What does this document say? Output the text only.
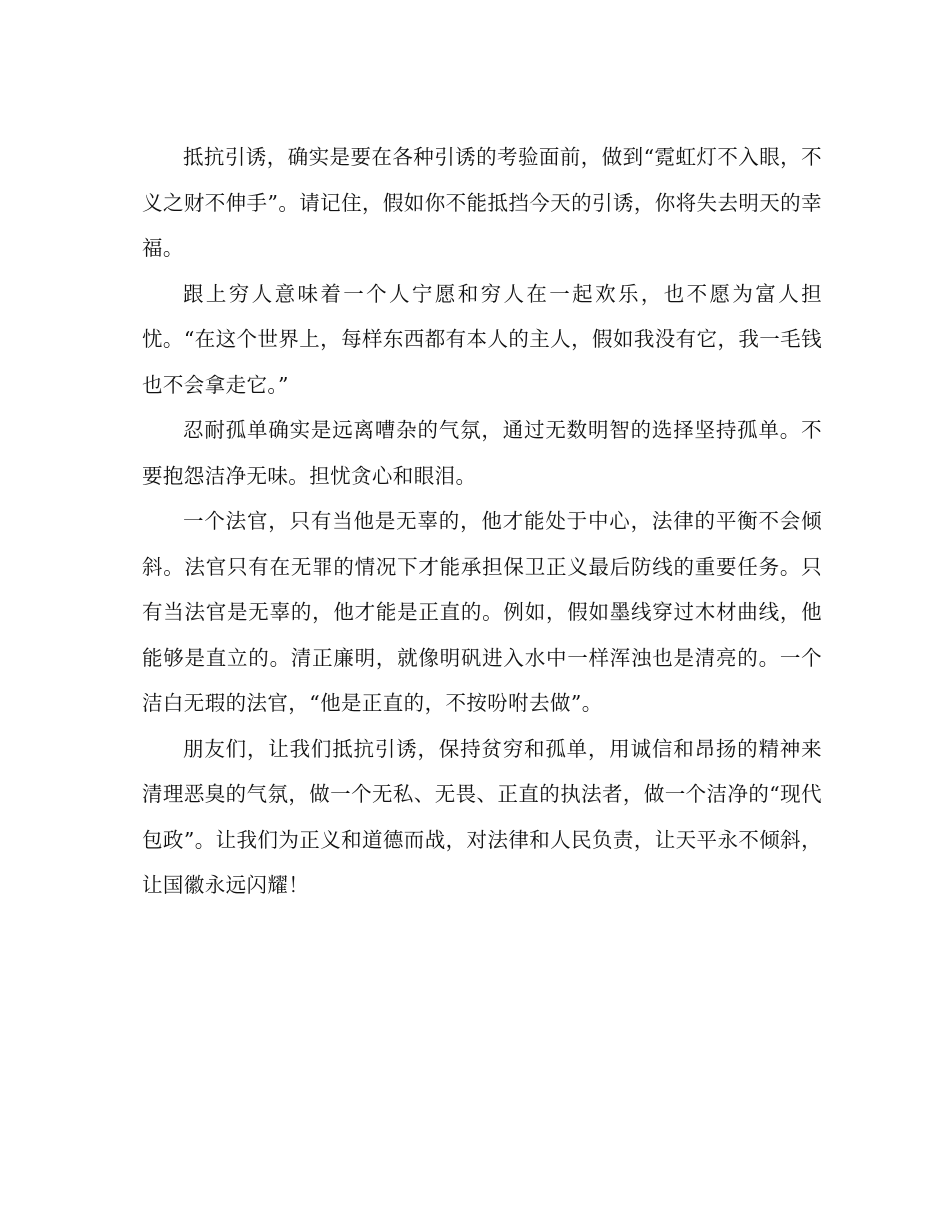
抵抗引诱，确实是要在各种引诱的考验面前，做到“霓虹灯不入眼，不义之财不伸手”。请记住，假如你不能抵挡今天的引诱，你将失去明天的幸福。

跟上穷人意味着一个人宁愿和穷人在一起欢乐，也不愿为富人担忧。“在这个世界上，每样东西都有本人的主人，假如我没有它，我一毛钱也不会拿走它。”

忍耐孤单确实是远离嘈杂的气氛，通过无数明智的选择坚持孤单。不要抱怨洁净无味。担忧贪心和眼泪。

一个法官，只有当他是无辜的，他才能处于中心，法律的平衡不会倾斜。法官只有在无罪的情况下才能承担保卫正义最后防线的重要任务。只有当法官是无辜的，他才能是正直的。例如，假如墨线穿过木材曲线，他能够是直立的。清正廉明，就像明矾进入水中一样浑浊也是清亮的。一个洁白无瑕的法官，“他是正直的，不按吩咐去做”。

朋友们，让我们抵抗引诱，保持贫穷和孤单，用诚信和昂扬的精神来清理恶臭的气氛，做一个无私、无畏、正直的执法者，做一个洁净的“现代包政”。让我们为正义和道德而战，对法律和人民负责，让天平永不倾斜，让国徽永远闪耀！
